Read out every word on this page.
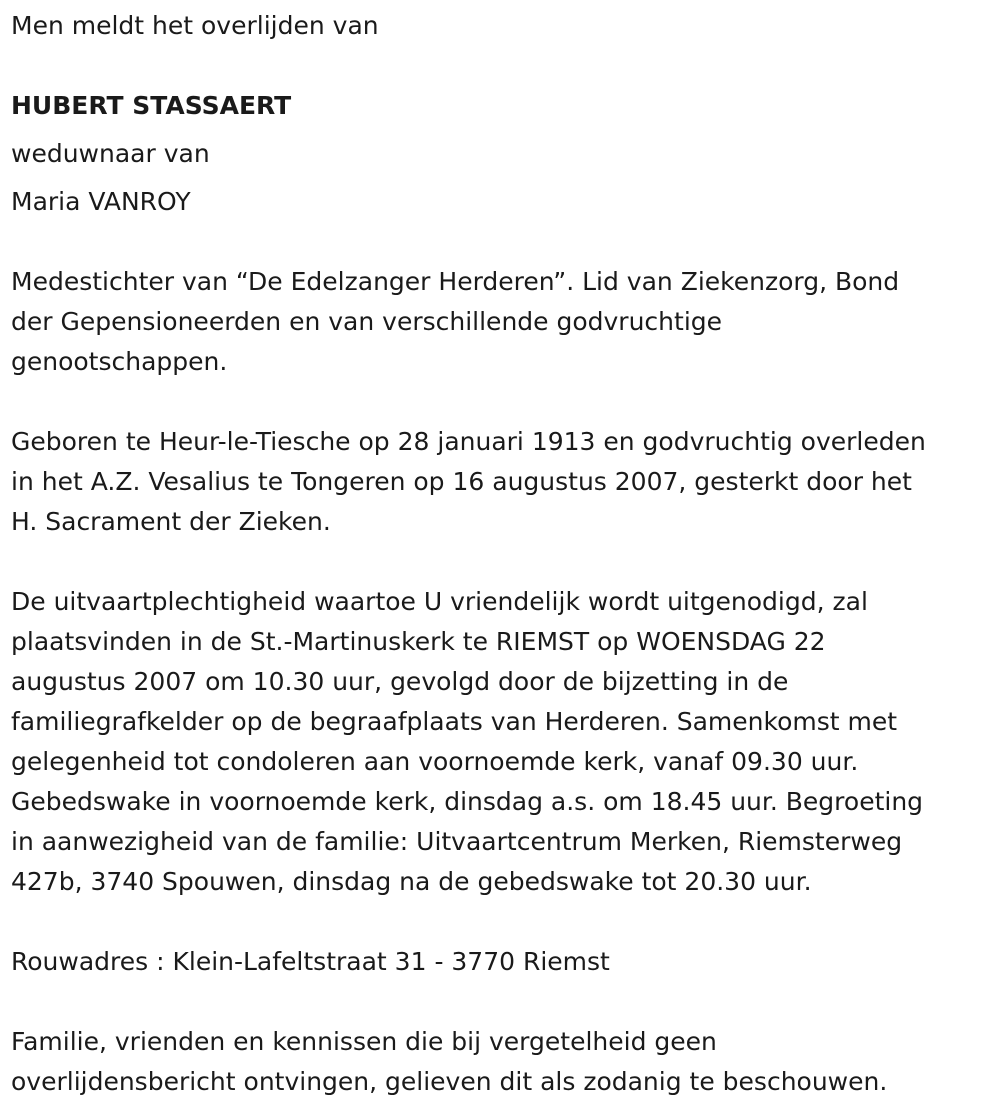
Men meldt het overlijden van

HUBERT STASSAERT

weduwnaar van

Maria VANROY

Medestichter van “De Edelzanger Herderen”. Lid van Ziekenzorg, Bond
der Gepensioneerden en van verschillende godvruchtige
genootschappen.
Geboren te Heur-le-Tiesche op 28 januari 1913 en godvruchtig overleden
in het A.Z. Vesalius te Tongeren op 16 augustus 2007, gesterkt door het
H. Sacrament der Zieken.
De uitvaartplechtigheid waartoe U vriendelijk wordt uitgenodigd, zal
plaatsvinden in de St.-Martinuskerk te RIEMST op WOENSDAG 22
augustus 2007 om 10.30 uur, gevolgd door de bijzetting in de
familiegrafkelder op de begraafplaats van Herderen. Samenkomst met
gelegenheid tot condoleren aan voornoemde kerk, vanaf 09.30 uur.
Gebedswake in voornoemde kerk, dinsdag a.s. om 18.45 uur. Begroeting
in aanwezigheid van de familie: Uitvaartcentrum Merken, Riemsterweg
427b, 3740 Spouwen, dinsdag na de gebedswake tot 20.30 uur.

Rouwadres : Klein-Lafeltstraat 31 - 3770 Riemst

Familie, vrienden en kennissen die bij vergetelheid geen
overlijdensbericht ontvingen, gelieven dit als zodanig te beschouwen.
